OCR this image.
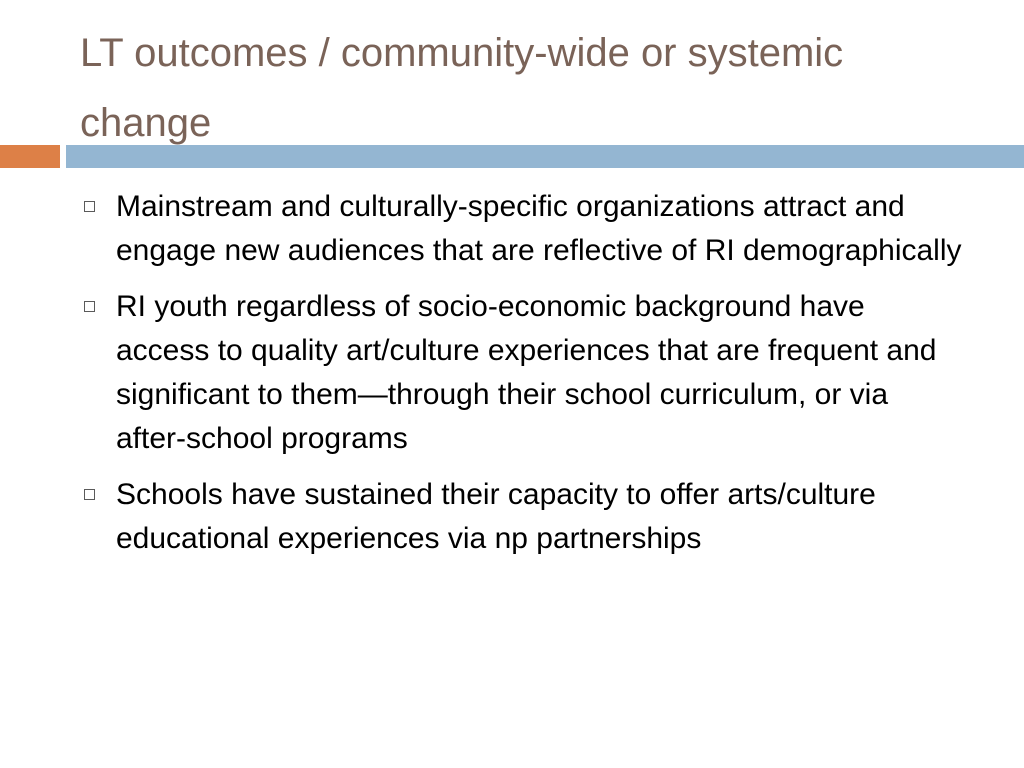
LT outcomes / community-wide or systemic change
Mainstream and culturally-specific organizations attract and engage new audiences that are reflective of RI demographically
RI youth regardless of socio-economic background have access to quality art/culture experiences that are frequent and significant to them—through their school curriculum, or via after-school programs
Schools have sustained their capacity to offer arts/culture educational experiences via np partnerships
